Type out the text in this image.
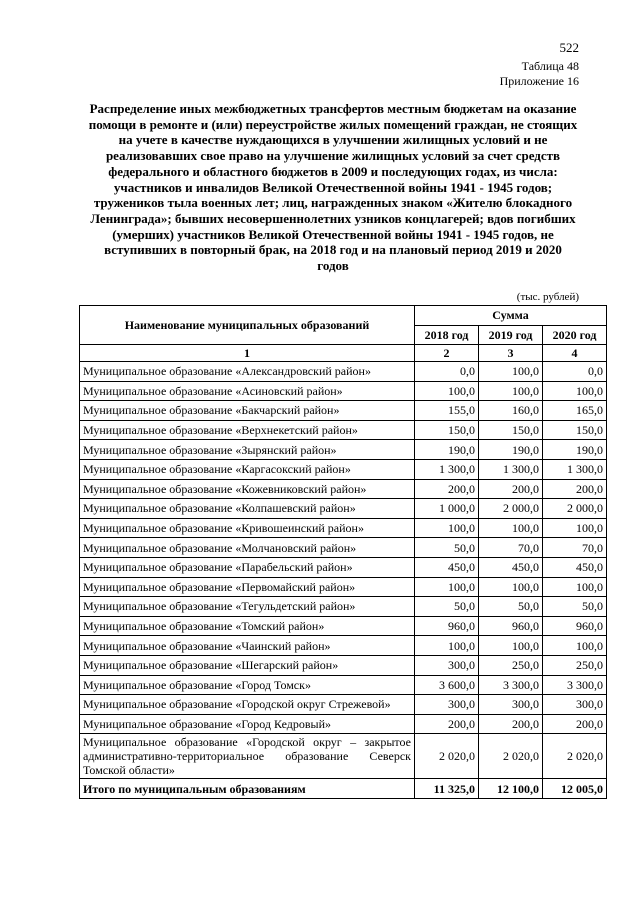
522
Таблица 48
Приложение 16
Распределение иных межбюджетных трансфертов местным бюджетам на оказание помощи в ремонте и (или) переустройстве жилых помещений граждан, не стоящих на учете в качестве нуждающихся в улучшении жилищных условий и не реализовавших свое право на улучшение жилищных условий за счет средств федерального и областного бюджетов в 2009 и последующих годах, из числа: участников и инвалидов Великой Отечественной войны 1941 - 1945 годов; тружеников тыла военных лет; лиц, награжденных знаком «Жителю блокадного Ленинграда»; бывших несовершеннолетних узников концлагерей; вдов погибших (умерших) участников Великой Отечественной войны 1941 - 1945 годов, не вступивших в повторный брак, на 2018 год и на плановый период 2019 и 2020 годов
(тыс. рублей)
Наименование муниципальных образований	Сумма		
	2018 год	2019 год	2020 год
1	2	3	4
Муниципальное образование «Александровский район»	0,0	100,0	0,0
Муниципальное образование «Асиновский район»	100,0	100,0	100,0
Муниципальное образование «Бакчарский район»	155,0	160,0	165,0
Муниципальное образование «Верхнекетский район»	150,0	150,0	150,0
Муниципальное образование «Зырянский район»	190,0	190,0	190,0
Муниципальное образование «Каргасокский район»	1 300,0	1 300,0	1 300,0
Муниципальное образование «Кожевниковский район»	200,0	200,0	200,0
Муниципальное образование «Колпашевский район»	1 000,0	2 000,0	2 000,0
Муниципальное образование «Кривошеинский район»	100,0	100,0	100,0
Муниципальное образование «Молчановский район»	50,0	70,0	70,0
Муниципальное образование «Парабельский район»	450,0	450,0	450,0
Муниципальное образование «Первомайский район»	100,0	100,0	100,0
Муниципальное образование «Тегульдетский район»	50,0	50,0	50,0
Муниципальное образование «Томский район»	960,0	960,0	960,0
Муниципальное образование «Чаинский район»	100,0	100,0	100,0
Муниципальное образование «Шегарский район»	300,0	250,0	250,0
Муниципальное образование «Город Томск»	3 600,0	3 300,0	3 300,0
Муниципальное образование «Городской округ Стрежевой»	300,0	300,0	300,0
Муниципальное образование «Город Кедровый»	200,0	200,0	200,0
Муниципальное образование «Городской округ – закрытое административно-территориальное образование Северск Томской области»	2 020,0	2 020,0	2 020,0
Итого по муниципальным образованиям	11 325,0	12 100,0	12 005,0
